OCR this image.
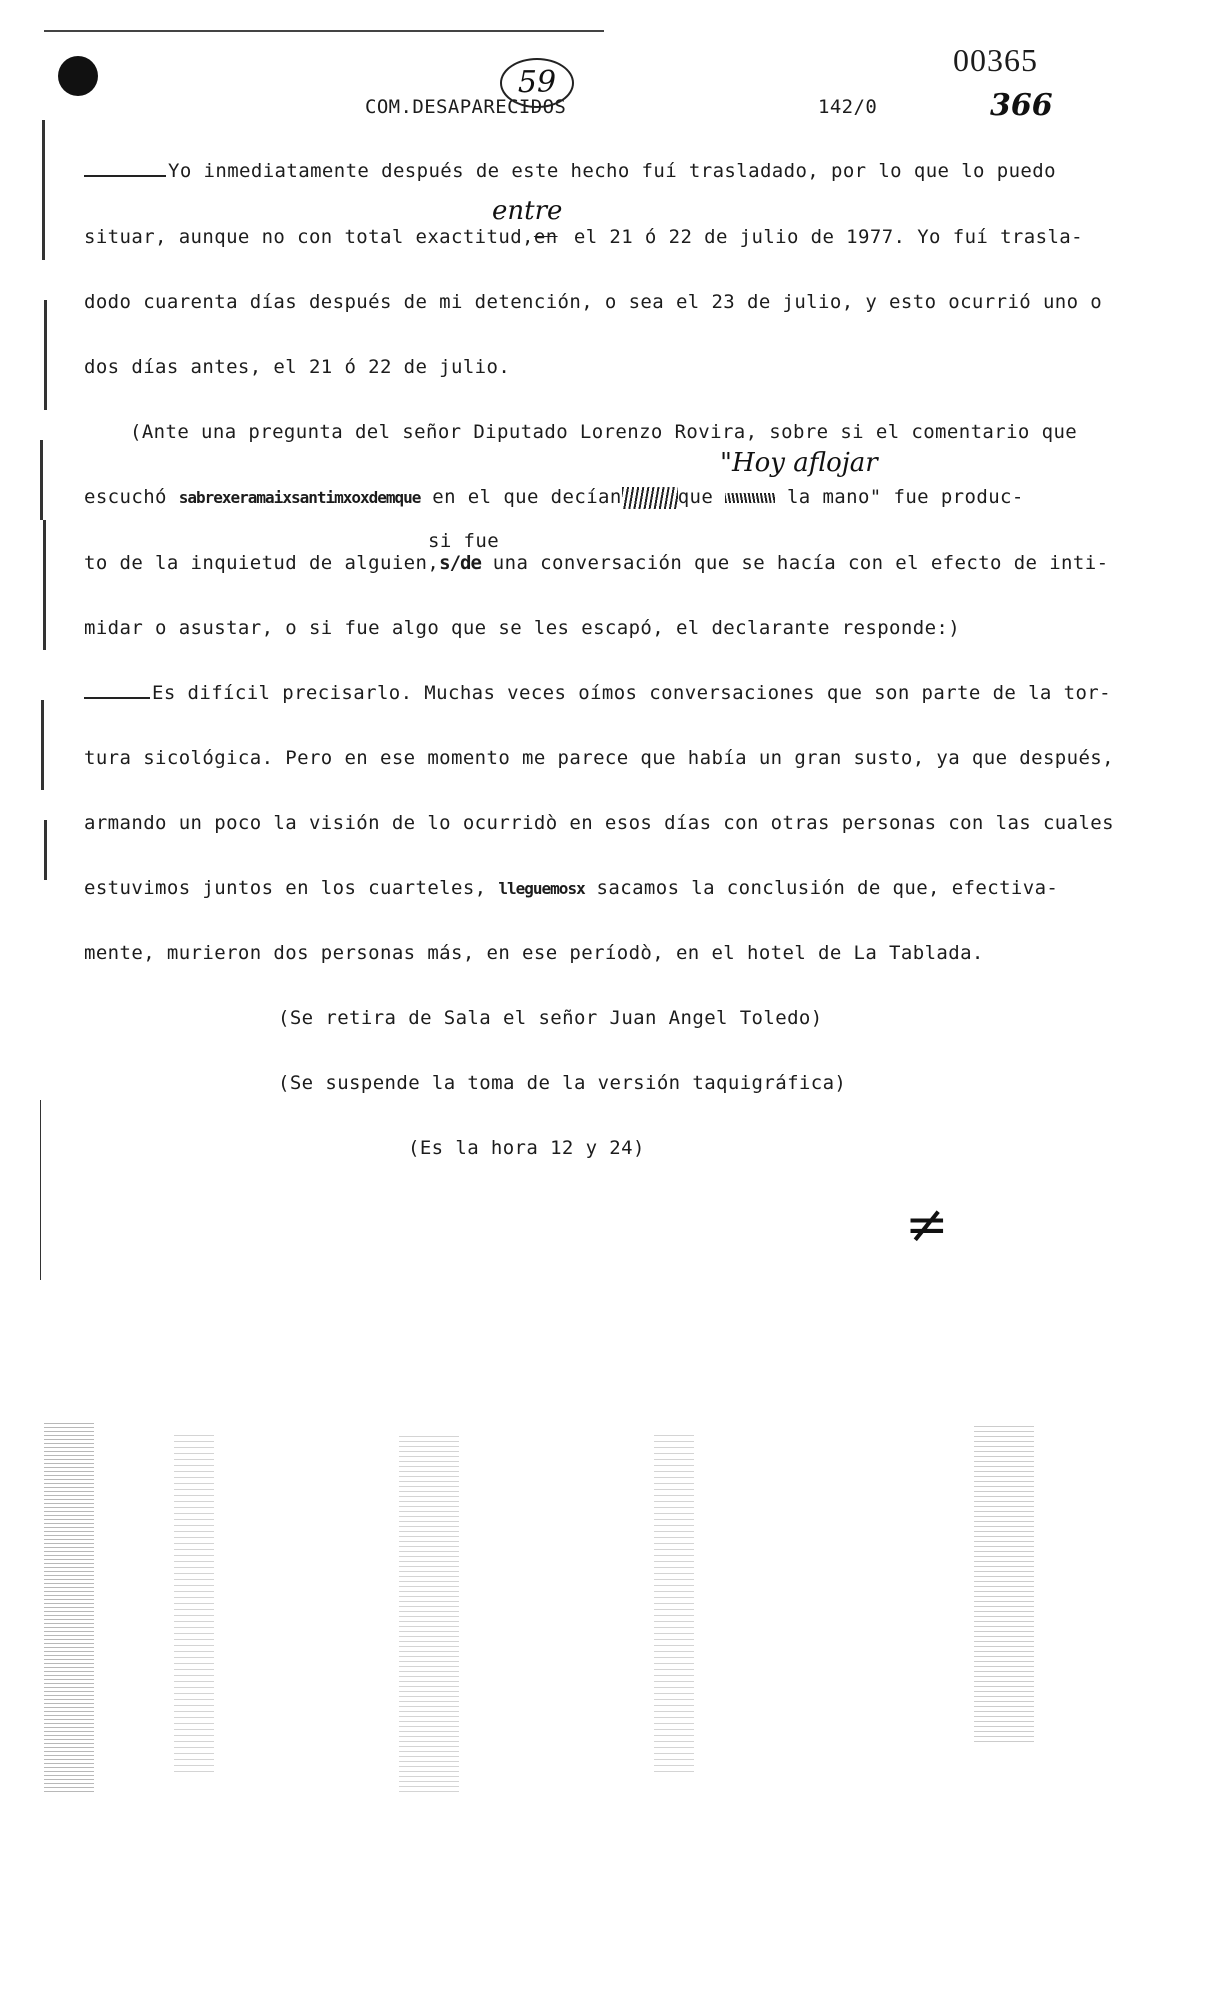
COM.DESAPARECIDOS
59
142/0
00365
366
Yo inmediatamente después de este hecho fuí trasladado, por lo que lo puedo
entre
situar, aunque no con total exactitud,en el 21 ó 22 de julio de 1977. Yo fuí trasla-
dodo cuarenta días después de mi detención, o sea el 23 de julio, y esto ocurrió uno o
dos días antes, el 21 ó 22 de julio.
(Ante una pregunta del señor Diputado Lorenzo Rovira, sobre si el comentario que
"Hoy aflojar
escuchó sabrexeramaixsantimxoxdemque en el que decían	que	la mano" fue produc-
si fue
to de la inquietud de alguien,s/de una conversación que se hacía con el efecto de inti-
midar o asustar, o si fue algo que se les escapó, el declarante responde:)
Es difícil precisarlo. Muchas veces oímos conversaciones que son parte de la tor-
tura sicológica. Pero en ese momento me parece que había un gran susto, ya que después,
armando un poco la visión de lo ocurridò en esos días con otras personas con las cuales
estuvimos juntos en los cuarteles, lleguemosx sacamos la conclusión de que, efectiva-
mente, murieron dos personas más, en ese períodò, en el hotel de La Tablada.
(Se retira de Sala el señor Juan Angel Toledo)
(Se suspende la toma de la versión taquigráfica)
(Es la hora 12 y 24)
≠
